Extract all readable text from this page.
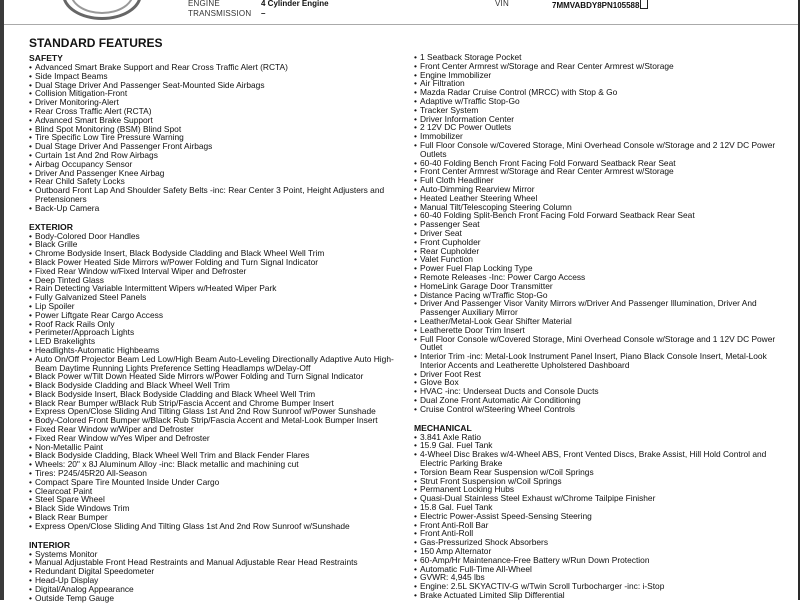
ENGINE	4 Cylinder Engine
TRANSMISSION –
VIN	7MMVABDY8PN105588
STANDARD FEATURES
SAFETY
• Advanced Smart Brake Support and Rear Cross Traffic Alert (RCTA)
• Side Impact Beams
• Dual Stage Driver And Passenger Seat-Mounted Side Airbags
• Collision Mitigation-Front
• Driver Monitoring-Alert
• Rear Cross Traffic Alert (RCTA)
• Advanced Smart Brake Support
• Blind Spot Monitoring (BSM) Blind Spot
• Tire Specific Low Tire Pressure Warning
• Dual Stage Driver And Passenger Front Airbags
• Curtain 1st And 2nd Row Airbags
• Airbag Occupancy Sensor
• Driver And Passenger Knee Airbag
• Rear Child Safety Locks
• Outboard Front Lap And Shoulder Safety Belts -inc: Rear Center 3 Point, Height Adjusters and Pretensioners
• Back-Up Camera
EXTERIOR
• Body-Colored Door Handles
• Black Grille
• Chrome Bodyside Insert, Black Bodyside Cladding and Black Wheel Well Trim
• Black Power Heated Side Mirrors w/Power Folding and Turn Signal Indicator
• Fixed Rear Window w/Fixed Interval Wiper and Defroster
• Deep Tinted Glass
• Rain Detecting Variable Intermittent Wipers w/Heated Wiper Park
• Fully Galvanized Steel Panels
• Lip Spoiler
• Power Liftgate Rear Cargo Access
• Roof Rack Rails Only
• Perimeter/Approach Lights
• LED Brakelights
• Headlights-Automatic Highbeams
• Auto On/Off Projector Beam Led Low/High Beam Auto-Leveling Directionally Adaptive Auto High-Beam Daytime Running Lights Preference Setting Headlamps w/Delay-Off
• Black Power w/Tilt Down Heated Side Mirrors w/Power Folding and Turn Signal Indicator
• Black Bodyside Cladding and Black Wheel Well Trim
• Black Bodyside Insert, Black Bodyside Cladding and Black Wheel Well Trim
• Black Rear Bumper w/Black Rub Strip/Fascia Accent and Chrome Bumper Insert
• Express Open/Close Sliding And Tilting Glass 1st And 2nd Row Sunroof w/Power Sunshade
• Body-Colored Front Bumper w/Black Rub Strip/Fascia Accent and Metal-Look Bumper Insert
• Fixed Rear Window w/Wiper and Defroster
• Fixed Rear Window w/Yes Wiper and Defroster
• Non-Metallic Paint
• Black Bodyside Cladding, Black Wheel Well Trim and Black Fender Flares
• Wheels: 20" x 8J Aluminum Alloy -inc: Black metallic and machining cut
• Tires: P245/45R20 All-Season
• Compact Spare Tire Mounted Inside Under Cargo
• Clearcoat Paint
• Steel Spare Wheel
• Black Side Windows Trim
• Black Rear Bumper
• Express Open/Close Sliding And Tilting Glass 1st And 2nd Row Sunroof w/Sunshade
INTERIOR
• Systems Monitor
• Manual Adjustable Front Head Restraints and Manual Adjustable Rear Head Restraints
• Redundant Digital Speedometer
• Head-Up Display
• Digital/Analog Appearance
• Outside Temp Gauge
• 1 Seatback Storage Pocket
• Front Center Armrest w/Storage and Rear Center Armrest w/Storage
• Engine Immobilizer
• Air Filtration
• Mazda Radar Cruise Control (MRCC) with Stop & Go
• Adaptive w/Traffic Stop-Go
• Tracker System
• Driver Information Center
• 2 12V DC Power Outlets
• Immobilizer
• Full Floor Console w/Covered Storage, Mini Overhead Console w/Storage and 2 12V DC Power Outlets
• 60-40 Folding Bench Front Facing Fold Forward Seatback Rear Seat
• Front Center Armrest w/Storage and Rear Center Armrest w/Storage
• Full Cloth Headliner
• Auto-Dimming Rearview Mirror
• Heated Leather Steering Wheel
• Manual Tilt/Telescoping Steering Column
• 60-40 Folding Split-Bench Front Facing Fold Forward Seatback Rear Seat
• Passenger Seat
• Driver Seat
• Front Cupholder
• Rear Cupholder
• Valet Function
• Power Fuel Flap Locking Type
• Remote Releases -Inc: Power Cargo Access
• HomeLink Garage Door Transmitter
• Distance Pacing w/Traffic Stop-Go
• Driver And Passenger Visor Vanity Mirrors w/Driver And Passenger Illumination, Driver And Passenger Auxiliary Mirror
• Leather/Metal-Look Gear Shifter Material
• Leatherette Door Trim Insert
• Full Floor Console w/Covered Storage, Mini Overhead Console w/Storage and 1 12V DC Power Outlet
• Interior Trim -inc: Metal-Look Instrument Panel Insert, Piano Black Console Insert, Metal-Look Interior Accents and Leatherette Upholstered Dashboard
• Driver Foot Rest
• Glove Box
• HVAC -inc: Underseat Ducts and Console Ducts
• Dual Zone Front Automatic Air Conditioning
• Cruise Control w/Steering Wheel Controls
MECHANICAL
• 3.841 Axle Ratio
• 15.9 Gal. Fuel Tank
• 4-Wheel Disc Brakes w/4-Wheel ABS, Front Vented Discs, Brake Assist, Hill Hold Control and Electric Parking Brake
• Torsion Beam Rear Suspension w/Coil Springs
• Strut Front Suspension w/Coil Springs
• Permanent Locking Hubs
• Quasi-Dual Stainless Steel Exhaust w/Chrome Tailpipe Finisher
• 15.8 Gal. Fuel Tank
• Electric Power-Assist Speed-Sensing Steering
• Front Anti-Roll Bar
• Front Anti-Roll
• Gas-Pressurized Shock Absorbers
• 150 Amp Alternator
• 60-Amp/Hr Maintenance-Free Battery w/Run Down Protection
• Automatic Full-Time All-Wheel
• GVWR: 4,945 lbs
• Engine: 2.5L SKYACTIV-G w/Twin Scroll Turbocharger -inc: i-Stop
• Brake Actuated Limited Slip Differential
